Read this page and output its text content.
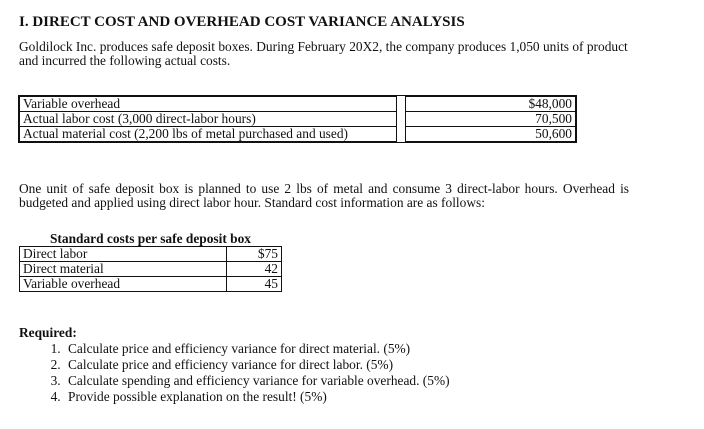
I. DIRECT COST AND OVERHEAD COST VARIANCE ANALYSIS

Goldilock Inc. produces safe deposit boxes. During February 20X2, the company produces 1,050 units of product and incurred the following actual costs.

Variable overhead		$48,000
Actual labor cost (3,000 direct-labor hours)		70,500
Actual material cost (2,200 lbs of metal purchased and used)		50,600

One unit of safe deposit box is planned to use 2 lbs of metal and consume 3 direct-labor hours. Overhead is budgeted and applied using direct labor hour. Standard cost information are as follows:

Standard costs per safe deposit box	
Direct labor	$75
Direct material	42
Variable overhead	45
Required:
1. Calculate price and efficiency variance for direct material. (5%)
2. Calculate price and efficiency variance for direct labor. (5%)
3. Calculate spending and efficiency variance for variable overhead. (5%)
4. Provide possible explanation on the result! (5%)
